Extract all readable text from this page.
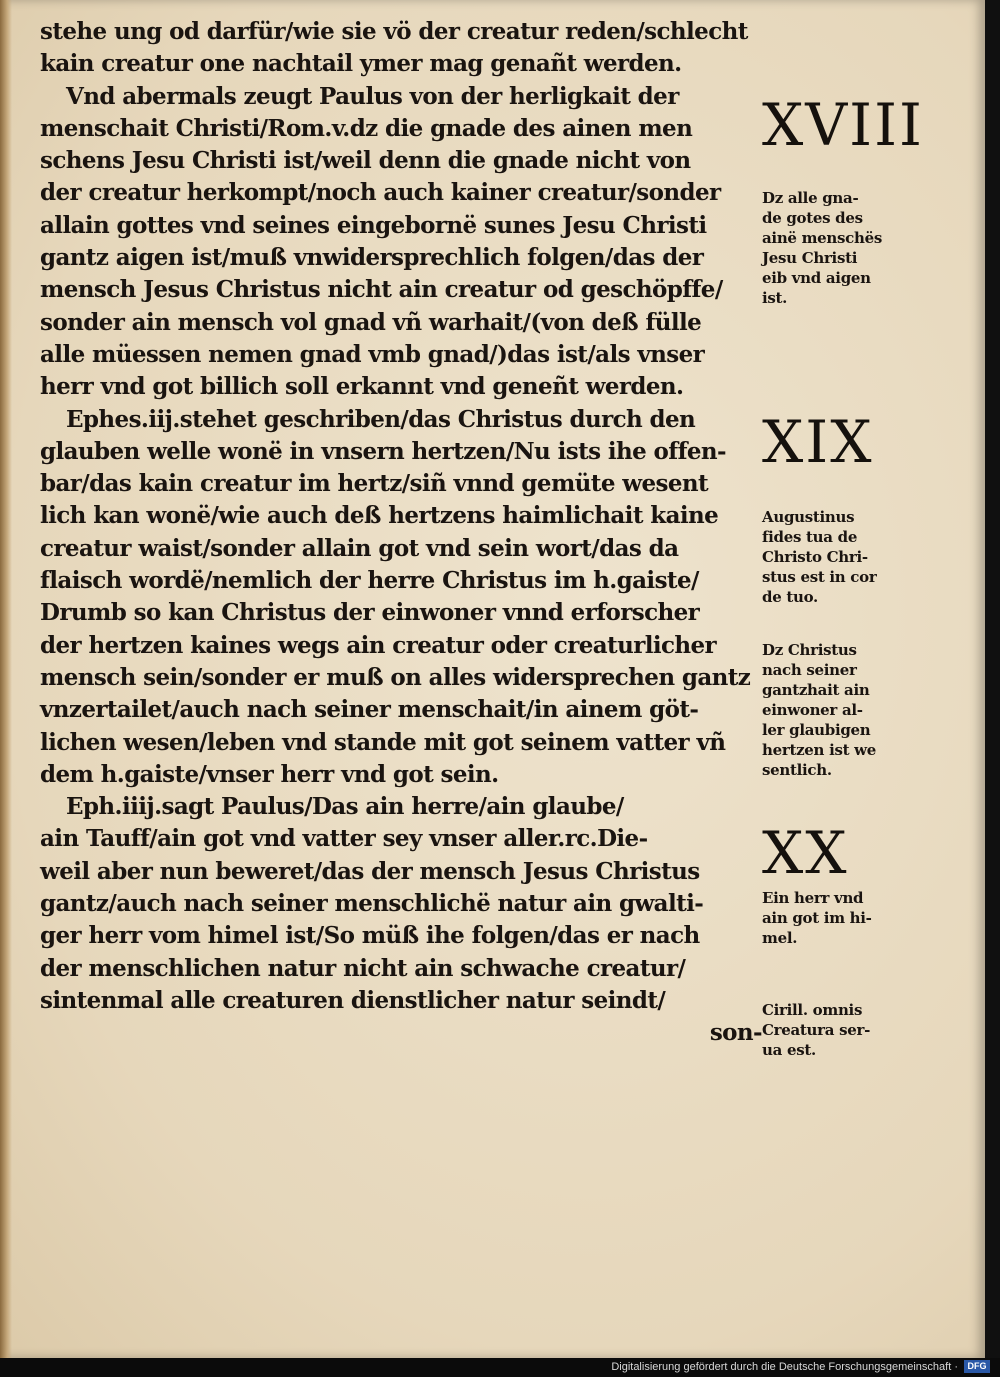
stehe ung od darfür/wie sie vö der creatur reden/schlecht
kain creatur one nachtail ymer mag genañt werden.
Vnd abermals zeugt Paulus von der herligkait der
menschait Christi/Rom.v.dz die gnade des ainen men
schens Jesu Christi ist/weil denn die gnade nicht von
der creatur herkompt/noch auch kainer creatur/sonder
allain gottes vnd seines eingebornë sunes Jesu Christi
gantz aigen ist/muß vnwidersprechlich folgen/das der
mensch Jesus Christus nicht ain creatur od geschöpffe/
sonder ain mensch vol gnad vñ warhait/(von deß fülle
alle müessen nemen gnad vmb gnad/)das ist/als vnser
herr vnd got billich soll erkannt vnd geneñt werden.
Ephes.iij.stehet geschriben/das Christus durch den
glauben welle wonë in vnsern hertzen/Nu ists ihe offen-
bar/das kain creatur im hertz/siñ vnnd gemüte wesent
lich kan wonë/wie auch deß hertzens haimlichait kaine
creatur waist/sonder allain got vnd sein wort/das da
flaisch wordë/nemlich der herre Christus im h.gaiste/
Drumb so kan Christus der einwoner vnnd erforscher
der hertzen kaines wegs ain creatur oder creaturlicher
mensch sein/sonder er muß on alles widersprechen gantz
vnzertailet/auch nach seiner menschait/in ainem göt-
lichen wesen/leben vnd stande mit got seinem vatter vñ
dem h.gaiste/vnser herr vnd got sein.
Eph.iiij.sagt Paulus/Das ain herre/ain glaube/
ain Tauff/ain got vnd vatter sey vnser aller.rc.Die-
weil aber nun beweret/das der mensch Jesus Christus
gantz/auch nach seiner menschlichë natur ain gwalti-
ger herr vom himel ist/So müß ihe folgen/das er nach
der menschlichen natur nicht ain schwache creatur/
sintenmal alle creaturen dienstlicher natur seindt/
son-
XVIII
Dz alle gna-
de gotes des
ainë menschës
Jesu Christi
eib vnd aigen
ist.
XIX
Augustinus
fides tua de
Christo Chri-
stus est in cor
de tuo.
Dz Christus
nach seiner
gantzhait ain
einwoner al-
ler glaubigen
hertzen ist we
sentlich.
XX
Ein herr vnd
ain got im hi-
mel.
Cirill. omnis
Creatura ser-
ua est.
Digitalisierung gefördert durch die Deutsche Forschungsgemeinschaft ·	DFG
